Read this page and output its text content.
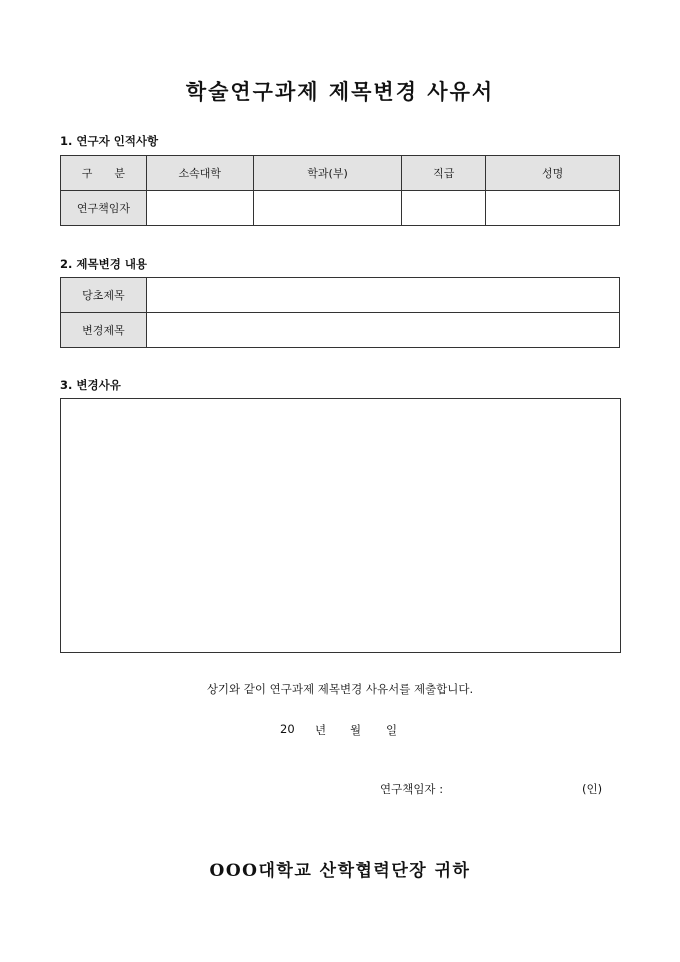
학술연구과제 제목변경 사유서
1. 연구자 인적사항
구　　분	소속대학	학과(부)	직급	성명
연구책임자				
2. 제목변경 내용
당초제목	
변경제목	
3. 변경사유
상기와 같이 연구과제 제목변경 사유서를 제출합니다.
20 년 월 일
연구책임자 :	(인)
OOO대학교 산학협력단장 귀하
